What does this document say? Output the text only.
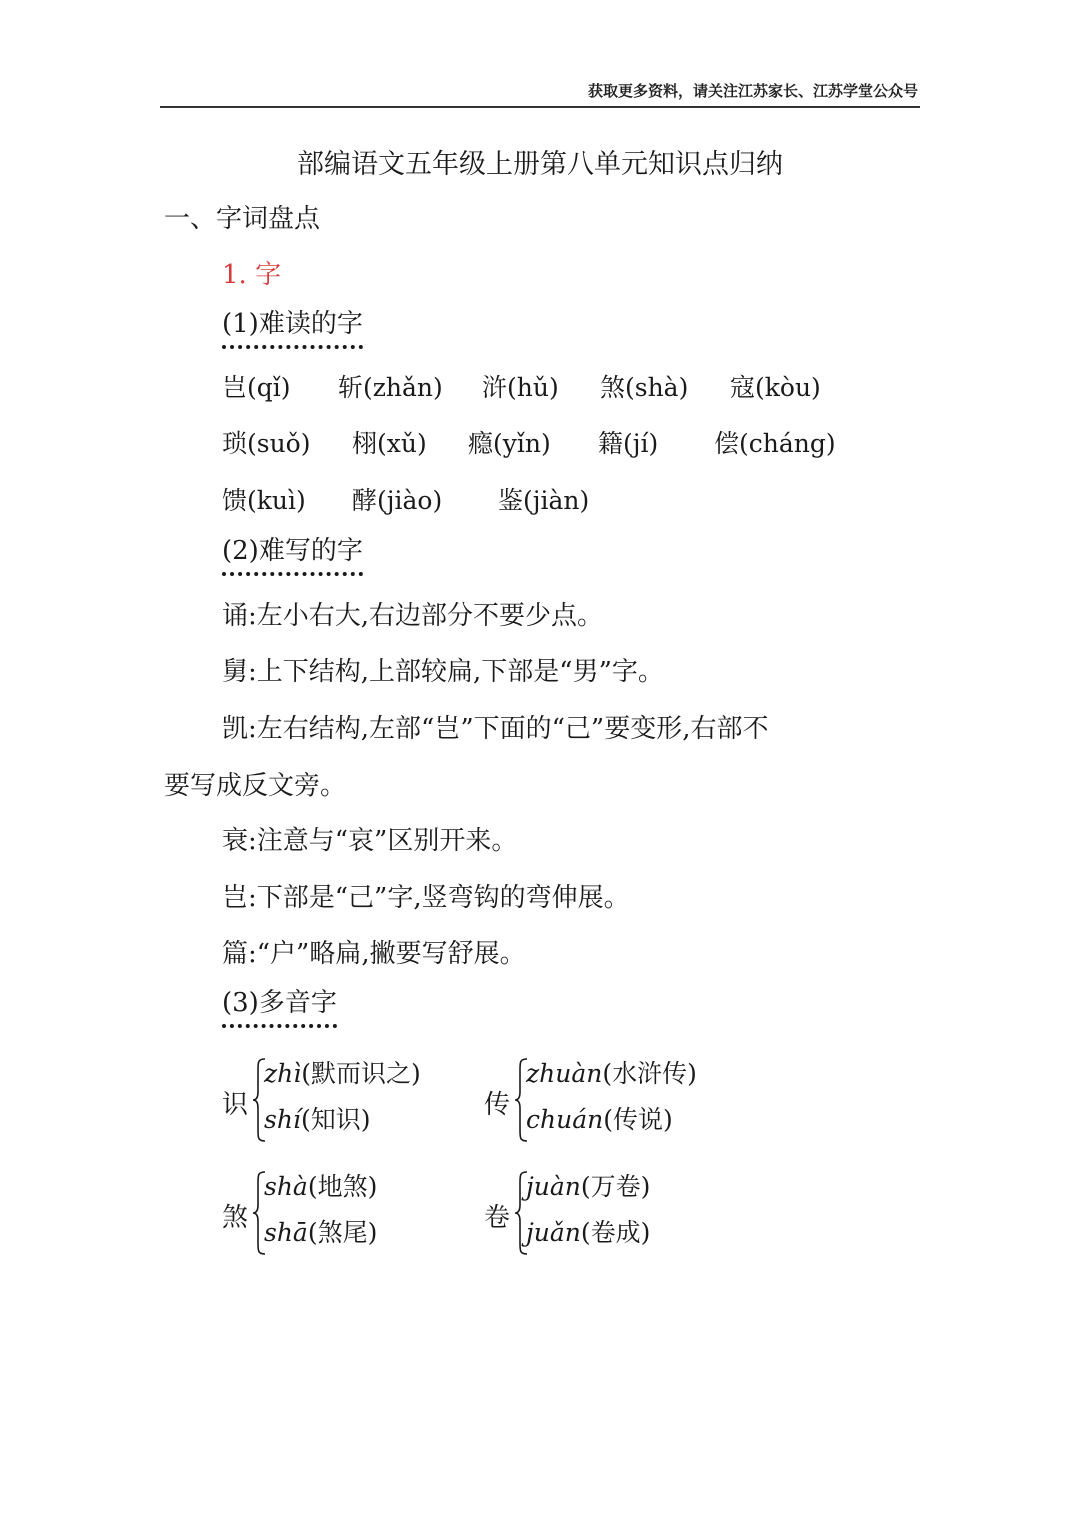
获取更多资料，请关注江苏家长、江苏学堂公众号
部编语文五年级上册第八单元知识点归纳
一、字词盘点
1. 字
(1)难读的字
岂(qǐ) 斩(zhǎn) 浒(hǔ) 煞(shà) 寇(kòu)
琐(suǒ) 栩(xǔ) 瘾(yǐn) 籍(jí) 偿(cháng)
馈(kuì) 酵(jiào) 鉴(jiàn)
(2)难写的字
诵:左小右大,右边部分不要少点。
舅:上下结构,上部较扁,下部是“男”字。
凯:左右结构,左部“岂”下面的“己”要变形,右部不
要写成反文旁。
衰:注意与“哀”区别开来。
岂:下部是“己”字,竖弯钩的弯伸展。
篇:“户”略扁,撇要写舒展。
(3)多音字
识
zhì(默而识之)
shí(知识)	传
zhuàn(水浒传)
chuán(传说)
煞
shà(地煞)
shā(煞尾)	卷
juàn(万卷)
juǎn(卷成)
